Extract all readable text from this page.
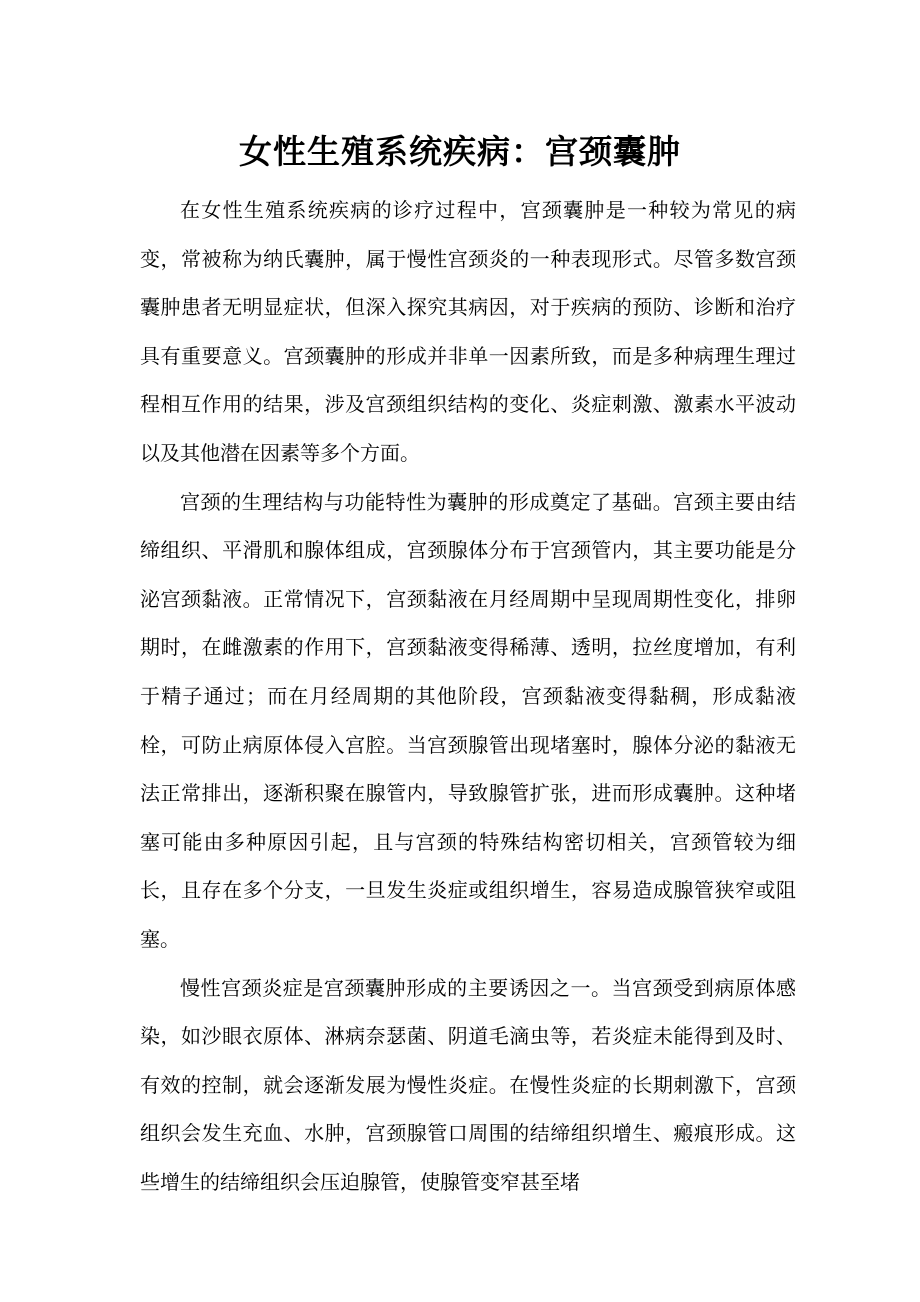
女性生殖系统疾病：宫颈囊肿

在女性生殖系统疾病的诊疗过程中，宫颈囊肿是一种较为常见的病变，常被称为纳氏囊肿，属于慢性宫颈炎的一种表现形式。尽管多数宫颈囊肿患者无明显症状，但深入探究其病因，对于疾病的预防、诊断和治疗具有重要意义。宫颈囊肿的形成并非单一因素所致，而是多种病理生理过程相互作用的结果，涉及宫颈组织结构的变化、炎症刺激、激素水平波动以及其他潜在因素等多个方面。

宫颈的生理结构与功能特性为囊肿的形成奠定了基础。宫颈主要由结缔组织、平滑肌和腺体组成，宫颈腺体分布于宫颈管内，其主要功能是分泌宫颈黏液。正常情况下，宫颈黏液在月经周期中呈现周期性变化，排卵期时，在雌激素的作用下，宫颈黏液变得稀薄、透明，拉丝度增加，有利于精子通过；而在月经周期的其他阶段，宫颈黏液变得黏稠，形成黏液栓，可防止病原体侵入宫腔。当宫颈腺管出现堵塞时，腺体分泌的黏液无法正常排出，逐渐积聚在腺管内，导致腺管扩张，进而形成囊肿。这种堵塞可能由多种原因引起，且与宫颈的特殊结构密切相关，宫颈管较为细长，且存在多个分支，一旦发生炎症或组织增生，容易造成腺管狭窄或阻塞。

慢性宫颈炎症是宫颈囊肿形成的主要诱因之一。当宫颈受到病原体感染，如沙眼衣原体、淋病奈瑟菌、阴道毛滴虫等，若炎症未能得到及时、有效的控制，就会逐渐发展为慢性炎症。在慢性炎症的长期刺激下，宫颈组织会发生充血、水肿，宫颈腺管口周围的结缔组织增生、瘢痕形成。这些增生的结缔组织会压迫腺管，使腺管变窄甚至堵
